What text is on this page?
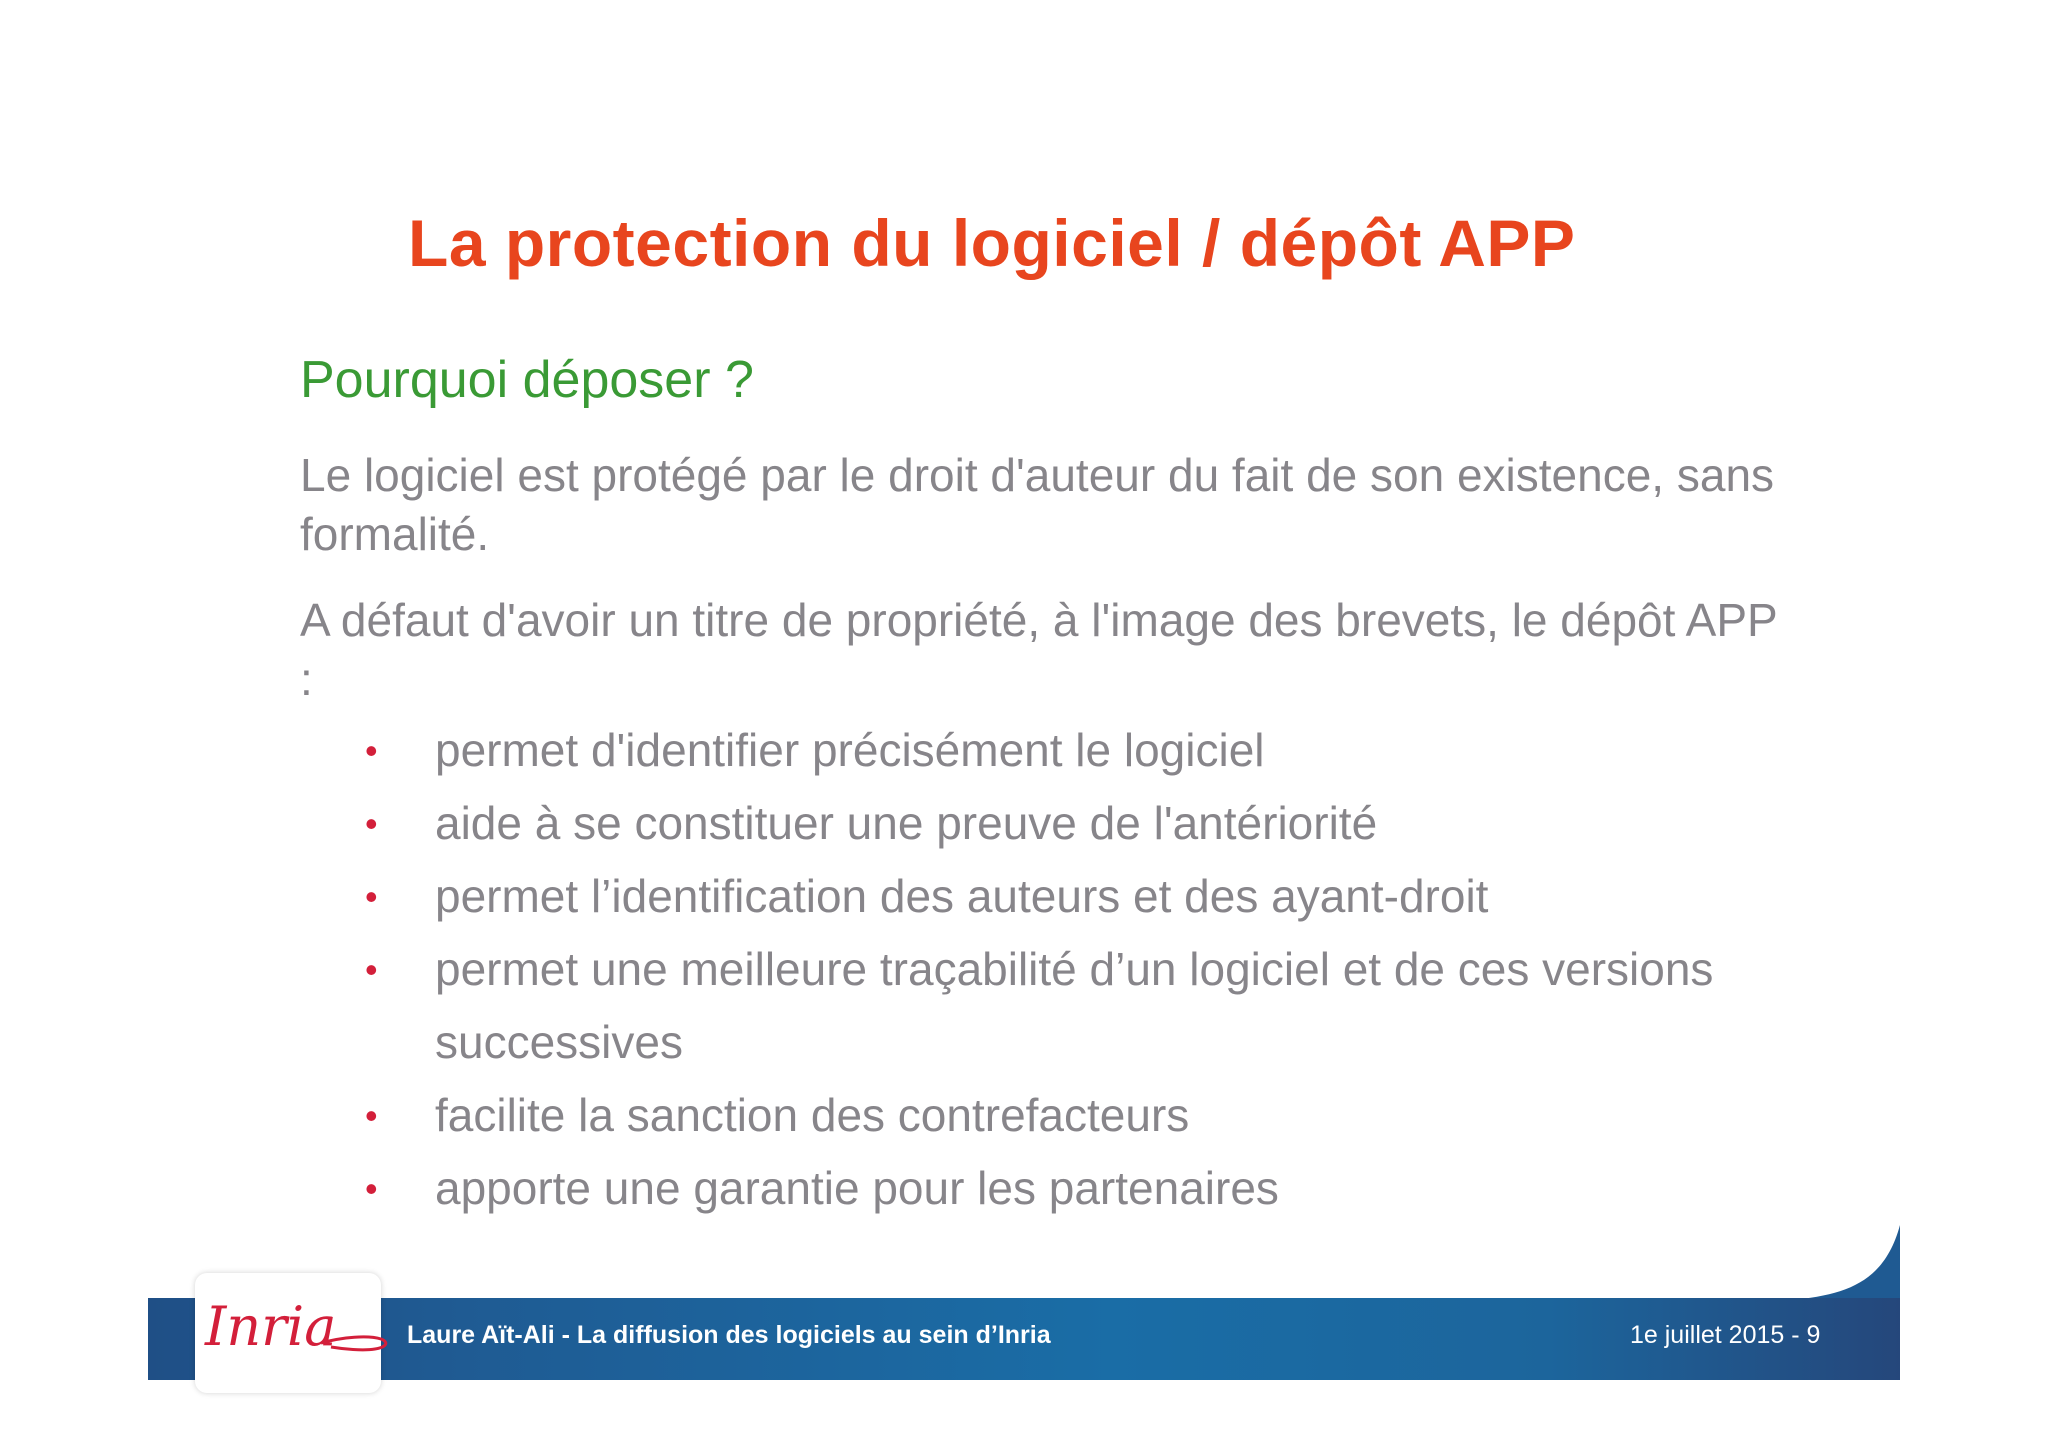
La protection du logiciel / dépôt APP
Pourquoi déposer ?

Le logiciel est protégé par le droit d'auteur du fait de son existence, sans formalité.

A défaut d'avoir un titre de propriété, à l'image des brevets, le dépôt APP :

• permet d'identifier précisément le logiciel
• aide à se constituer une preuve de l'antériorité
• permet l’identification des auteurs et des ayant-droit
• permet une meilleure traçabilité d’un logiciel et de ces versions successives
• facilite la sanction des contrefacteurs
• apporte une garantie pour les partenaires
Inria	Laure Aït-Ali - La diffusion des logiciels au sein d’Inria	1e juillet 2015 - 9
